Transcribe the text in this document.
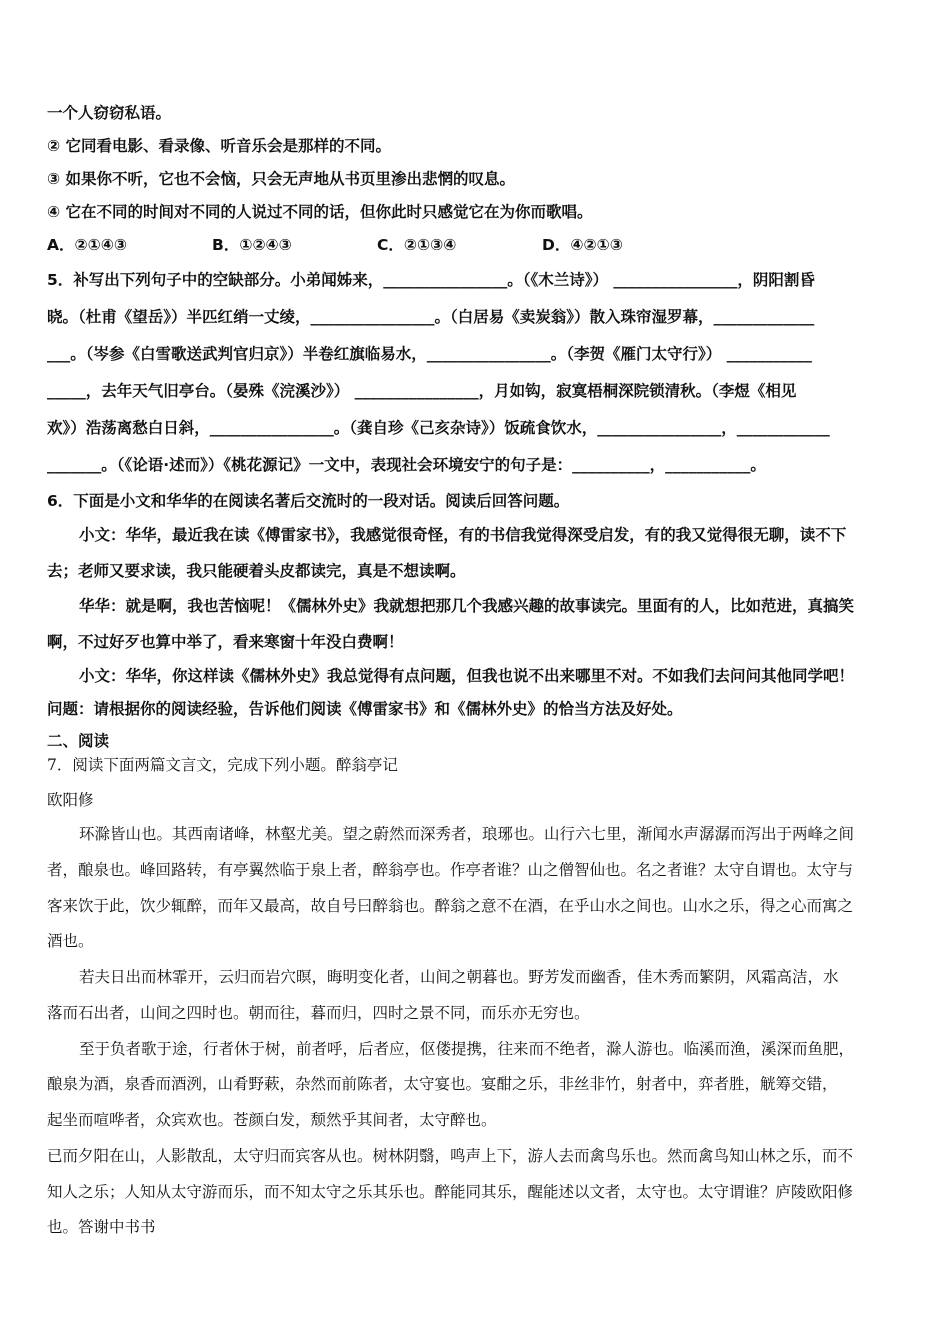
一个人窃窃私语。
② 它同看电影、看录像、听音乐会是那样的不同。
③ 如果你不听，它也不会恼，只会无声地从书页里渗出悲惘的叹息。
④ 它在不同的时间对不同的人说过不同的话，但你此时只感觉它在为你而歌唱。
A．②①④③	B．①②④③	C．②①③④	D．④②①③
5．补写出下列句子中的空缺部分。小弟闻姊来，________________。（《木兰诗》） ________________，阴阳割昏
晓。（杜甫《望岳》）半匹红绡一丈绫，________________。（白居易《卖炭翁》）散入珠帘湿罗幕，_____________
___。（岑参《白雪歌送武判官归京》）半卷红旗临易水，________________。（李贺《雁门太守行》） ___________
_____，去年天气旧亭台。（晏殊《浣溪沙》） ________________，月如钩，寂寞梧桐深院锁清秋。（李煜《相见
欢》）浩荡离愁白日斜，________________。（龚自珍《己亥杂诗》）饭疏食饮水，________________，____________
_______。（《论语·述而》）《桃花源记》一文中，表现社会环境安宁的句子是：__________，___________。
6．下面是小文和华华的在阅读名著后交流时的一段对话。阅读后回答问题。
小文：华华，最近我在读《傅雷家书》，我感觉很奇怪，有的书信我觉得深受启发，有的我又觉得很无聊，读不下
去；老师又要求读，我只能硬着头皮都读完，真是不想读啊。
华华：就是啊，我也苦恼呢！《儒林外史》我就想把那几个我感兴趣的故事读完。里面有的人，比如范进，真搞笑
啊，不过好歹也算中举了，看来寒窗十年没白费啊！
小文：华华，你这样读《儒林外史》我总觉得有点问题，但我也说不出来哪里不对。不如我们去问问其他同学吧！
问题：请根据你的阅读经验，告诉他们阅读《傅雷家书》和《儒林外史》的恰当方法及好处。
二、阅读
7．阅读下面两篇文言文，完成下列小题。醉翁亭记
欧阳修
环滁皆山也。其西南诸峰，林壑尤美。望之蔚然而深秀者，琅琊也。山行六七里，渐闻水声潺潺而泻出于两峰之间
者，酿泉也。峰回路转，有亭翼然临于泉上者，醉翁亭也。作亭者谁？山之僧智仙也。名之者谁？太守自谓也。太守与
客来饮于此，饮少辄醉，而年又最高，故自号曰醉翁也。醉翁之意不在酒，在乎山水之间也。山水之乐，得之心而寓之
酒也。
若夫日出而林霏开，云归而岩穴暝，晦明变化者，山间之朝暮也。野芳发而幽香，佳木秀而繁阴，风霜高洁，水
落而石出者，山间之四时也。朝而往，暮而归，四时之景不同，而乐亦无穷也。
至于负者歌于途，行者休于树，前者呼，后者应，伛偻提携，往来而不绝者，滁人游也。临溪而渔，溪深而鱼肥，
酿泉为酒，泉香而酒洌，山肴野蔌，杂然而前陈者，太守宴也。宴酣之乐，非丝非竹，射者中，弈者胜，觥筹交错，
起坐而喧哗者，众宾欢也。苍颜白发，颓然乎其间者，太守醉也。
已而夕阳在山，人影散乱，太守归而宾客从也。树林阴翳，鸣声上下，游人去而禽鸟乐也。然而禽鸟知山林之乐，而不
知人之乐；人知从太守游而乐，而不知太守之乐其乐也。醉能同其乐，醒能述以文者，太守也。太守谓谁？庐陵欧阳修
也。答谢中书书
